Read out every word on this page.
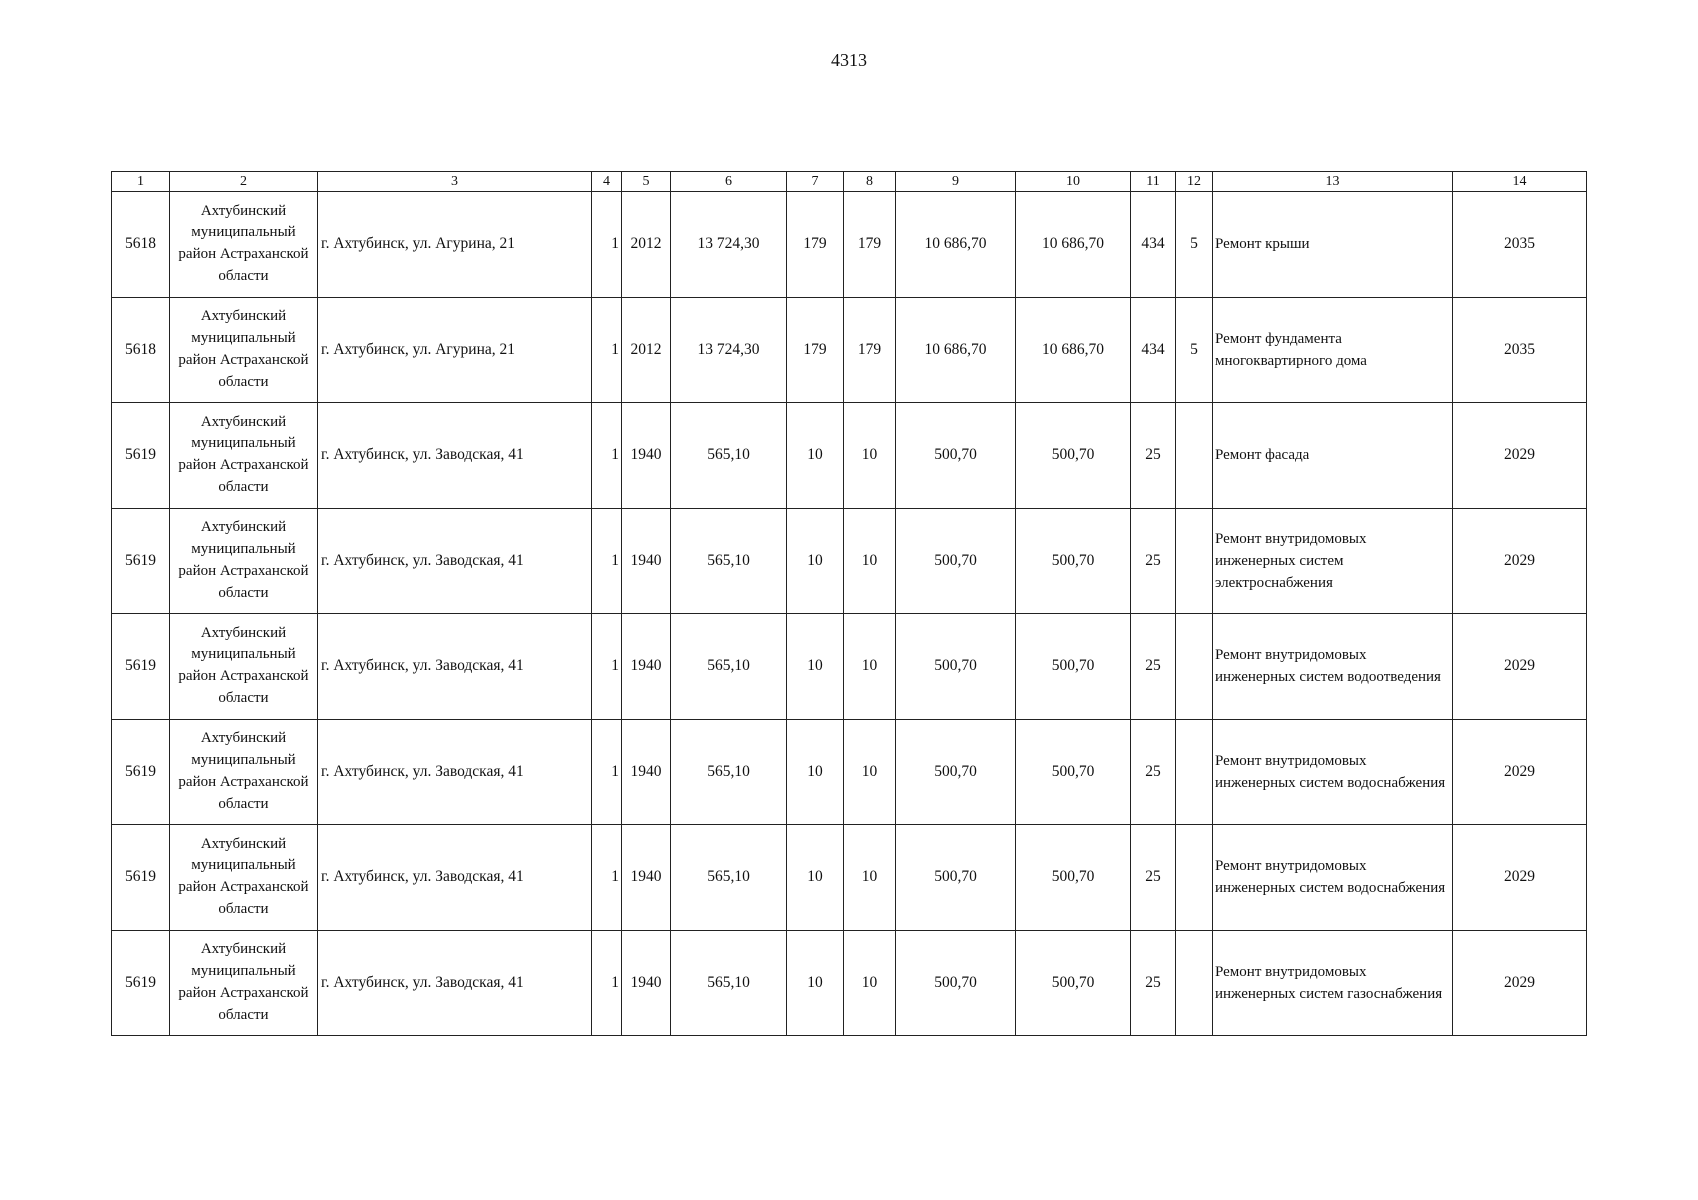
4313
1	2	3	4	5	6	7	8	9	10	11	12	13	14
5618	Ахтубинский муниципальный район Астраханской области	г. Ахтубинск, ул. Агурина, 21	1	2012	13 724,30	179	179	10 686,70	10 686,70	434	5	Ремонт крыши	2035
5618	Ахтубинский муниципальный район Астраханской области	г. Ахтубинск, ул. Агурина, 21	1	2012	13 724,30	179	179	10 686,70	10 686,70	434	5	Ремонт фундамента многоквартирного дома	2035
5619	Ахтубинский муниципальный район Астраханской области	г. Ахтубинск, ул. Заводская, 41	1	1940	565,10	10	10	500,70	500,70	25		Ремонт фасада	2029
5619	Ахтубинский муниципальный район Астраханской области	г. Ахтубинск, ул. Заводская, 41	1	1940	565,10	10	10	500,70	500,70	25		Ремонт внутридомовых инженерных систем электроснабжения	2029
5619	Ахтубинский муниципальный район Астраханской области	г. Ахтубинск, ул. Заводская, 41	1	1940	565,10	10	10	500,70	500,70	25		Ремонт внутридомовых инженерных систем водоотведения	2029
5619	Ахтубинский муниципальный район Астраханской области	г. Ахтубинск, ул. Заводская, 41	1	1940	565,10	10	10	500,70	500,70	25		Ремонт внутридомовых инженерных систем водоснабжения	2029
5619	Ахтубинский муниципальный район Астраханской области	г. Ахтубинск, ул. Заводская, 41	1	1940	565,10	10	10	500,70	500,70	25		Ремонт внутридомовых инженерных систем водоснабжения	2029
5619	Ахтубинский муниципальный район Астраханской области	г. Ахтубинск, ул. Заводская, 41	1	1940	565,10	10	10	500,70	500,70	25		Ремонт внутридомовых инженерных систем газоснабжения	2029
